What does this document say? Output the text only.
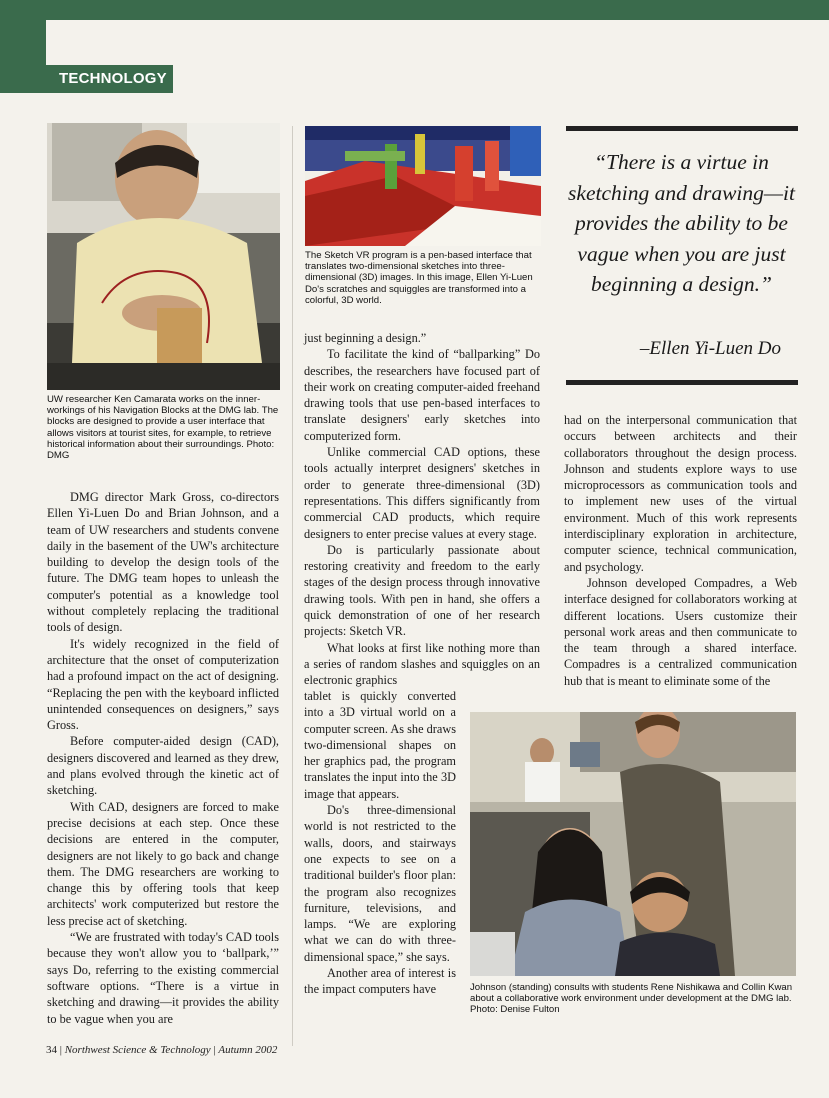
TECHNOLOGY

UW researcher Ken Camarata works on the inner-workings of his Navigation Blocks at the DMG lab. The blocks are designed to provide a user interface that allows visitors at tourist sites, for example, to retrieve historical information about their surroundings. Photo: DMG

The Sketch VR program is a pen-based interface that translates two-dimensional sketches into three-dimensional (3D) images. In this image, Ellen Yi-Luen Do's scratches and squiggles are transformed into a colorful, 3D world.

“There is a virtue in sketching and drawing—it provides the ability to be vague when you are just beginning a design.”

–Ellen Yi-Luen Do

DMG director Mark Gross, co-directors Ellen Yi-Luen Do and Brian Johnson, and a team of UW researchers and students convene daily in the basement of the UW's architecture building to develop the design tools of the future. The DMG team hopes to unleash the computer's potential as a knowledge tool without completely replacing the traditional tools of design.

It's widely recognized in the field of architecture that the onset of computerization had a profound impact on the act of designing. “Replacing the pen with the keyboard inflicted unintended consequences on designers,” says Gross.

Before computer-aided design (CAD), designers discovered and learned as they drew, and plans evolved through the kinetic act of sketching.

With CAD, designers are forced to make precise decisions at each step. Once these decisions are entered in the computer, designers are not likely to go back and change them. The DMG researchers are working to change this by offering tools that keep architects' work computerized but restore the less precise act of sketching.

“We are frustrated with today's CAD tools because they won't allow you to ‘ballpark,’” says Do, referring to the existing commercial software options. “There is a virtue in sketching and drawing—it provides the ability to be vague when you are

just beginning a design.”

To facilitate the kind of “ballparking” Do describes, the researchers have focused part of their work on creating computer-aided freehand drawing tools that use pen-based interfaces to translate designers' early sketches into computerized form.

Unlike commercial CAD options, these tools actually interpret designers' sketches in order to generate three-dimensional (3D) representations. This differs significantly from commercial CAD products, which require designers to enter precise values at every stage.

Do is particularly passionate about restoring creativity and freedom to the early stages of the design process through innovative drawing tools. With pen in hand, she offers a quick demonstration of one of her research projects: Sketch VR.

What looks at first like nothing more than a series of random slashes and squiggles on an electronic graphics

tablet is quickly converted into a 3D virtual world on a computer screen. As she draws two-dimensional shapes on her graphics pad, the program translates the input into the 3D image that appears.

Do's three-dimensional world is not restricted to the walls, doors, and stairways one expects to see on a traditional builder's floor plan: the program also recognizes furniture, televisions, and lamps. “We are exploring what we can do with three-dimensional space,” she says.

Another area of interest is the impact computers have

had on the interpersonal communication that occurs between architects and their collaborators throughout the design process. Johnson and students explore ways to use microprocessors as communication tools and to implement new uses of the virtual environment. Much of this work represents interdisciplinary exploration in architecture, computer science, technical communication, and psychology.

Johnson developed Compadres, a Web interface designed for collaborators working at different locations. Users customize their personal work areas and then communicate to the team through a shared interface. Compadres is a centralized communication hub that is meant to eliminate some of the

Johnson (standing) consults with students Rene Nishikawa and Collin Kwan about a collaborative work environment under development at the DMG lab. Photo: Denise Fulton

34 | Northwest Science & Technology | Autumn 2002
